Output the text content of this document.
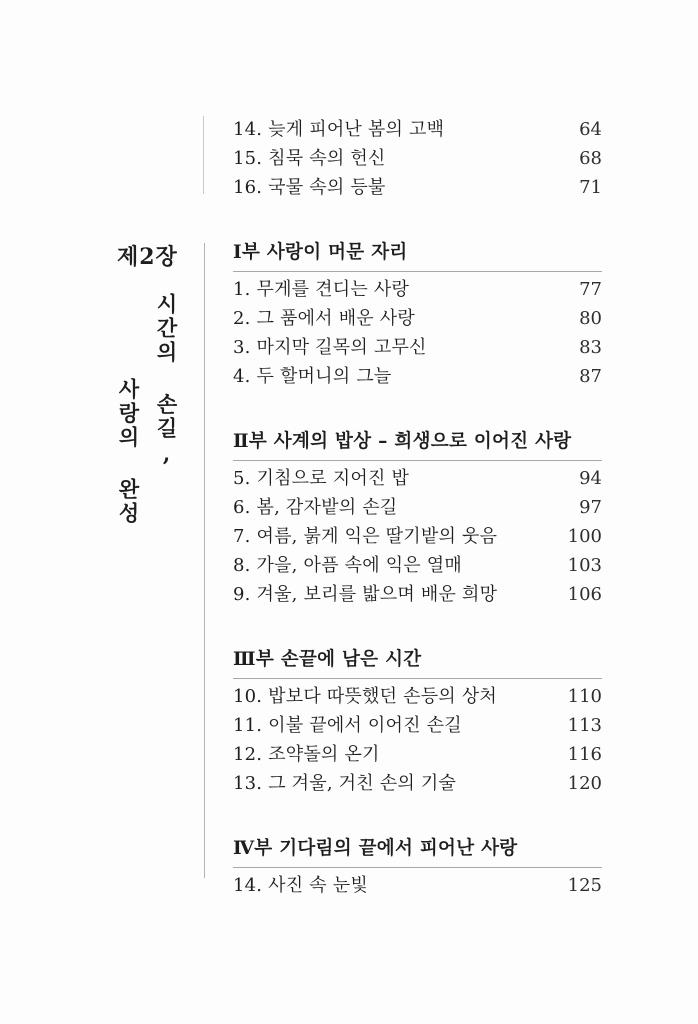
제2장
시간의 손길,
사랑의 완성
14. 늦게 피어난 봄의 고백	64
15. 침묵 속의 헌신	68
16. 국물 속의 등불	71
Ⅰ부 사랑이 머문 자리
1. 무게를 견디는 사랑	77
2. 그 품에서 배운 사랑	80
3. 마지막 길목의 고무신	83
4. 두 할머니의 그늘	87
Ⅱ부 사계의 밥상 – 희생으로 이어진 사랑
5. 기침으로 지어진 밥	94
6. 봄, 감자밭의 손길	97
7. 여름, 붉게 익은 딸기밭의 웃음	100
8. 가을, 아픔 속에 익은 열매	103
9. 겨울, 보리를 밟으며 배운 희망	106
Ⅲ부 손끝에 남은 시간
10. 밥보다 따뜻했던 손등의 상처	110
11. 이불 끝에서 이어진 손길	113
12. 조약돌의 온기	116
13. 그 겨울, 거친 손의 기술	120
Ⅳ부 기다림의 끝에서 피어난 사랑
14. 사진 속 눈빛	125
